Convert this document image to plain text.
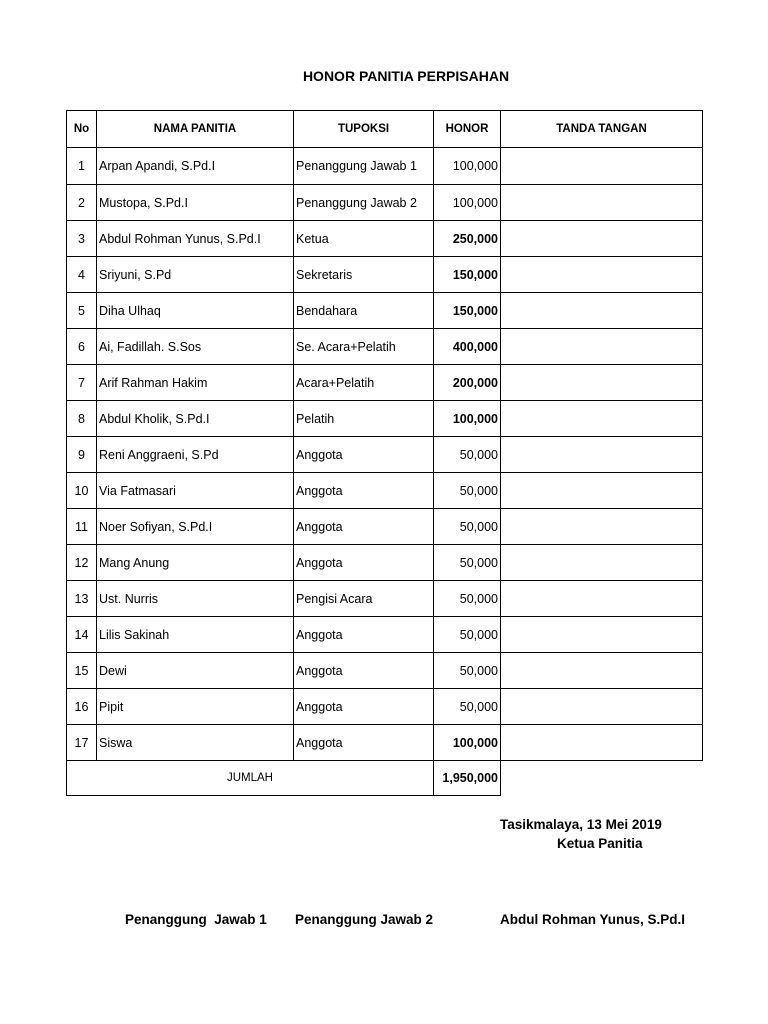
HONOR PANITIA PERPISAHAN
No	NAMA PANITIA	TUPOKSI	HONOR	TANDA TANGAN
1	Arpan Apandi, S.Pd.I	Penanggung Jawab 1	100,000	
2	Mustopa, S.Pd.I	Penanggung Jawab 2	100,000	
3	Abdul Rohman Yunus, S.Pd.I	Ketua	250,000	
4	Sriyuni, S.Pd	Sekretaris	150,000	
5	Diha Ulhaq	Bendahara	150,000	
6	Ai, Fadillah. S.Sos	Se. Acara+Pelatih	400,000	
7	Arif Rahman Hakim	Acara+Pelatih	200,000	
8	Abdul Kholik, S.Pd.I	Pelatih	100,000	
9	Reni Anggraeni, S.Pd	Anggota	50,000	
10	Via Fatmasari	Anggota	50,000	
11	Noer Sofiyan, S.Pd.I	Anggota	50,000	
12	Mang Anung	Anggota	50,000	
13	Ust. Nurris	Pengisi Acara	50,000	
14	Lilis Sakinah	Anggota	50,000	
15	Dewi	Anggota	50,000	
16	Pipit	Anggota	50,000	
17	Siswa	Anggota	100,000	
JUMLAH			1,950,000	
Tasikmalaya, 13 Mei 2019
Ketua Panitia
Penanggung  Jawab 1 Penanggung Jawab 2	Abdul Rohman Yunus, S.Pd.I
